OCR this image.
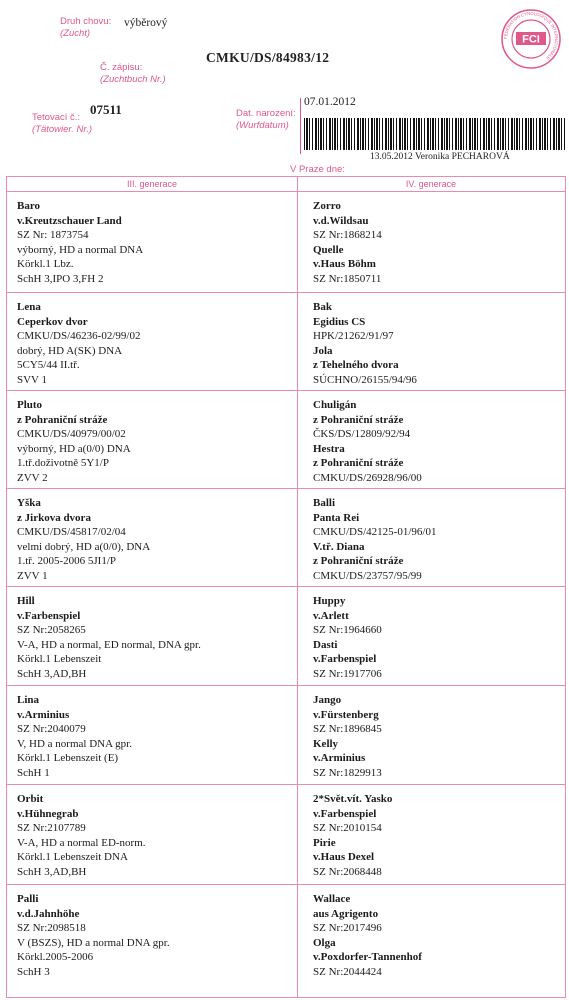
Druh chovu:
(Zucht)
výběrový
Č. zápisu:
(Zuchtbuch Nr.)
CMKU/DS/84983/12
Tetovací č.:
(Tätowier. Nr.)
07511	Dat. narození:
(Wurfdatum)
07.01.2012
V Praze dne:
13.05.2012 Veronika PECHAROVÁ
FEDERATION CYNOLOGIQUE INTERNATIONALE
FCI
III. generace	IV. generace
Baro
v.Kreutzschauer Land
SZ Nr: 1873754
výborný, HD a normal DNA
Körkl.1 Lbz.
SchH 3,IPO 3,FH 2
Zorro
v.d.Wildsau
SZ Nr:1868214
Quelle
v.Haus Böhm
SZ Nr:1850711
Lena
Ceperkov dvor
CMKU/DS/46236-02/99/02
dobrý, HD A(SK) DNA
5CY5/44 II.tř.
SVV 1
Bak
Egidius CS
HPK/21262/91/97
Jola
z Tehelného dvora
SÚCHNO/26155/94/96
Pluto
z Pohraniční stráže
CMKU/DS/40979/00/02
výborný, HD a(0/0) DNA
1.tř.doživotně 5Y1/P
ZVV 2
Chuligán
z Pohraniční stráže
ČKS/DS/12809/92/94
Hestra
z Pohraniční stráže
CMKU/DS/26928/96/00
Yška
z Jirkova dvora
CMKU/DS/45817/02/04
velmi dobrý, HD a(0/0), DNA
1.tř. 2005-2006 5JI1/P
ZVV 1
Balli
Panta Rei
CMKU/DS/42125-01/96/01
V.tř. Diana
z Pohraniční stráže
CMKU/DS/23757/95/99
Hill
v.Farbenspiel
SZ Nr:2058265
V-A, HD a normal, ED normal, DNA gpr.
Körkl.1 Lebenszeit
SchH 3,AD,BH
Huppy
v.Arlett
SZ Nr:1964660
Dasti
v.Farbenspiel
SZ Nr:1917706
Lina
v.Arminius
SZ Nr:2040079
V, HD a normal DNA gpr.
Körkl.1 Lebenszeit (E)
SchH 1
Jango
v.Fürstenberg
SZ Nr:1896845
Kelly
v.Arminius
SZ Nr:1829913
Orbit
v.Hühnegrab
SZ Nr:2107789
V-A, HD a normal ED-norm.
Körkl.1 Lebenszeit DNA
SchH 3,AD,BH
2*Svět.vít. Yasko
v.Farbenspiel
SZ Nr:2010154
Pirie
v.Haus Dexel
SZ Nr:2068448
Palli
v.d.Jahnhöhe
SZ Nr:2098518
V (BSZS), HD a normal DNA gpr.
Körkl.2005-2006
SchH 3
Wallace
aus Agrigento
SZ Nr:2017496
Olga
v.Poxdorfer-Tannenhof
SZ Nr:2044424
